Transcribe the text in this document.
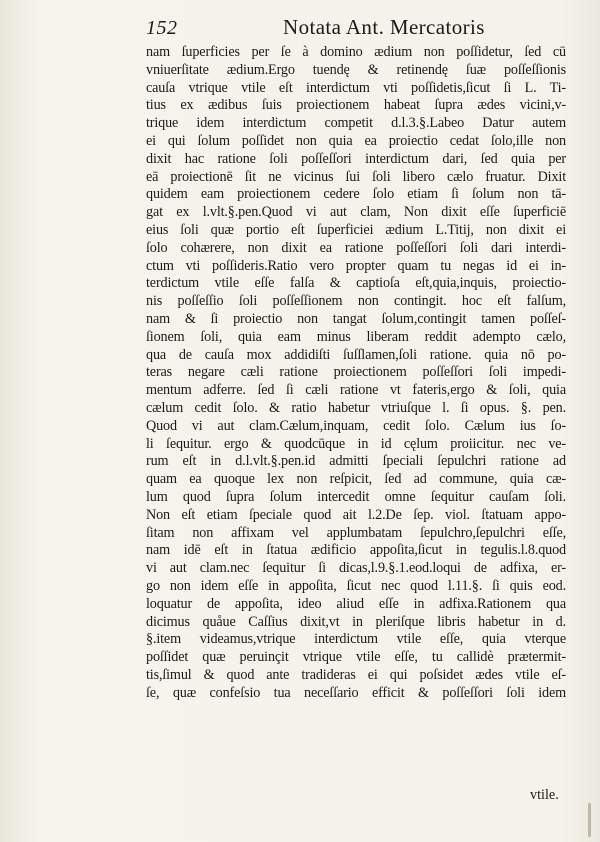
152	Notata Ant. Mercatoris
nam ſuperficies per ſe à domino ædium non poſſidetur, ſed cū
vniuerſitate ædium.Ergo tuendę & retinendę ſuæ poſſeſſionis
cauſa vtrique vtile eſt interdictum vti poſſidetis,ſicut ſi L. Ti-
tius ex ædibus ſuis proiectionem habeat ſupra ædes vicini,v-
trique idem interdictum competit d.l.3.§.Labeo Datur autem
ei qui ſolum poſſidet non quia ea proiectio cedat ſolo,ille non
dixit hac ratione ſoli poſſeſſori interdictum dari, ſed quia per
eā proiectionē ſit ne vicinus ſui ſoli libero cælo fruatur. Dixit
quidem eam proiectionem cedere ſolo etiam ſi ſolum non tā-
gat ex l.vlt.§.pen.Quod vi aut clam, Non dixit eſſe ſuperficiē
eius ſoli quæ portio eſt ſuperficiei ædium L.Titij, non dixit ei
ſolo cohærere, non dixit ea ratione poſſeſſori ſoli dari interdi-
ctum vti poſſideris.Ratio vero propter quam tu negas id ei in-
terdictum vtile eſſe falſa & captioſa eſt,quia,inquis, proiectio-
nis poſſeſſio ſoli poſſeſſionem non contingit. hoc eſt falſum,
nam & ſi proiectio non tangat ſolum,contingit tamen poſſeſ-
ſionem ſoli, quia eam minus liberam reddit adempto cælo,
qua de cauſa mox addidiſti ſuſſlamen,ſoli ratione. quia nō po-
teras negare cæli ratione proiectionem poſſeſſori ſoli impedi-
mentum adferre. ſed ſi cæli ratione vt fateris,ergo & ſoli, quia
cælum cedit ſolo. & ratio habetur vtriuſque l. ſi opus. §. pen.
Quod vi aut clam.Cælum,inquam, cedit ſolo. Cælum ius ſo-
li ſequitur. ergo & quodcūque in id cęlum proiicitur. nec ve-
rum eſt in d.l.vlt.§.pen.id admitti ſpeciali ſepulchri ratione ad
quam ea quoque lex non reſpicit, ſed ad commune, quia cæ-
lum quod ſupra ſolum intercedit omne ſequitur cauſam ſoli.
Non eſt etiam ſpeciale quod ait l.2.De ſep. viol. ſtatuam appo-
ſitam non affixam vel applumbatam ſepulchro,ſepulchri eſſe,
nam idē eſt in ſtatua ædificio appoſita,ſicut in tegulis.l.8.quod
vi aut clam.nec ſequitur ſi dicas,l.9.§.1.eod.loqui de adfixa, er-
go non idem eſſe in appoſita, ſicut nec quod l.11.§. ſi quis eod.
loquatur de appoſita, ideo aliud eſſe in adfixa.Rationem qua
dicimus quåue Caſſius dixit,vt in pleriſque libris habetur in d.
§.item videamus,vtrique interdictum vtile eſſe, quia vterque
poſſidet quæ peruinçit vtrique vtile eſſe, tu callidè prætermit-
tis,ſimul & quod ante tradideras ei qui poſsidet ædes vtile eſ-
ſe, quæ confeſsio tua neceſſario efficit & poſſeſſori ſoli idem
vtile.
